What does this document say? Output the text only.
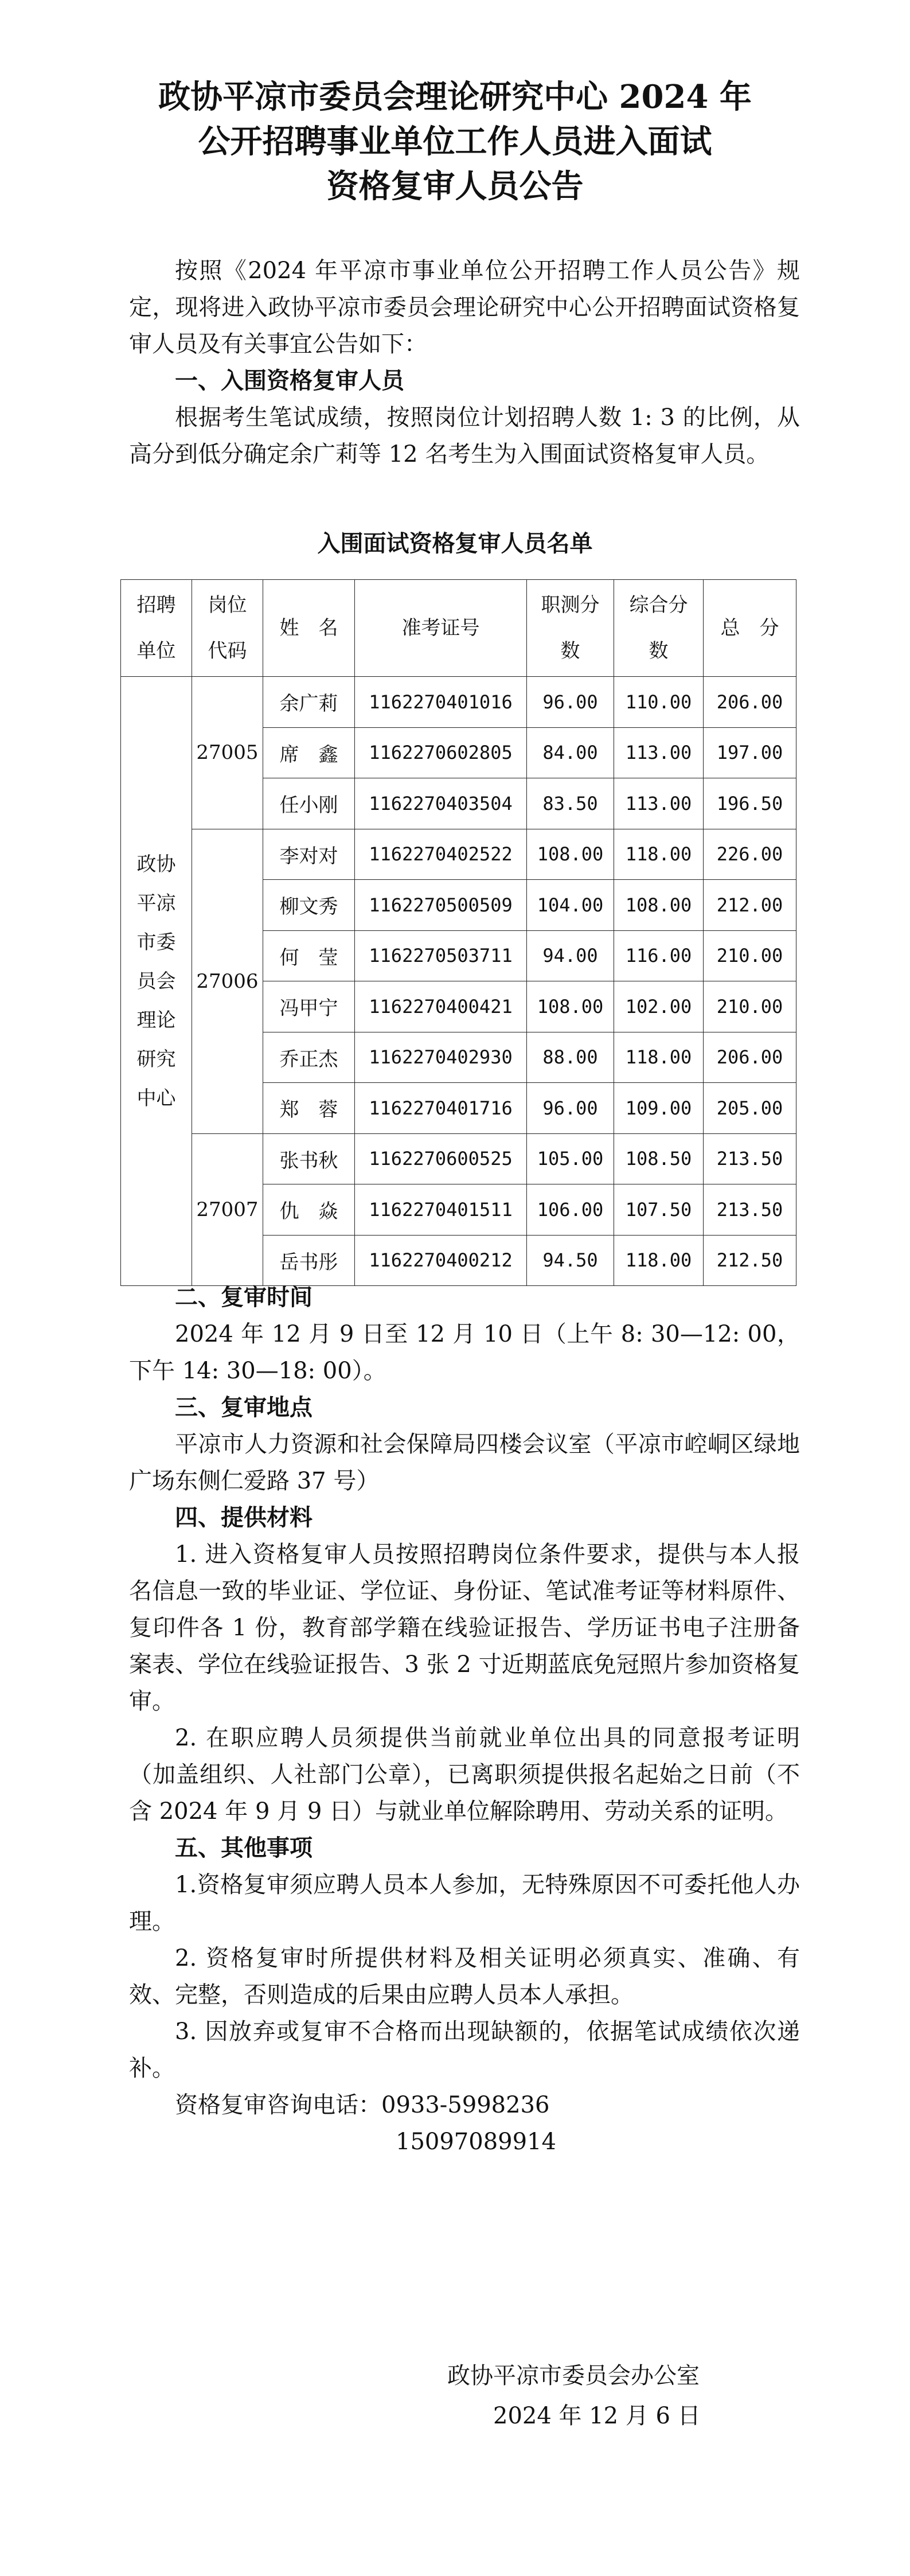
政协平凉市委员会理论研究中心 2024 年
公开招聘事业单位工作人员进入面试
资格复审人员公告
按照《2024 年平凉市事业单位公开招聘工作人员公告》规定，现将进入政协平凉市委员会理论研究中心公开招聘面试资格复审人员及有关事宜公告如下：
一、入围资格复审人员
根据考生笔试成绩，按照岗位计划招聘人数 1: 3 的比例，从高分到低分确定余广莉等 12 名考生为入围面试资格复审人员。
入围面试资格复审人员名单
招聘单位	岗位代码	姓　名	准考证号	职测分数	综合分数	总　分
政协平凉市委员会理论研究中心	27005	余广莉	1162270401016	96.00	110.00	206.00
		席　鑫	1162270602805	84.00	113.00	197.00
		任小刚	1162270403504	83.50	113.00	196.50
	27006	李对对	1162270402522	108.00	118.00	226.00
		柳文秀	1162270500509	104.00	108.00	212.00
		何　莹	1162270503711	94.00	116.00	210.00
		冯甲宁	1162270400421	108.00	102.00	210.00
		乔正杰	1162270402930	88.00	118.00	206.00
		郑　蓉	1162270401716	96.00	109.00	205.00
	27007	张书秋	1162270600525	105.00	108.50	213.50
		仇　焱	1162270401511	106.00	107.50	213.50
		岳书彤	1162270400212	94.50	118.00	212.50
二、复审时间
2024 年 12 月 9 日至 12 月 10 日（上午 8: 30—12: 00，下午 14: 30—18: 00）。
三、复审地点
平凉市人力资源和社会保障局四楼会议室（平凉市崆峒区绿地广场东侧仁爱路 37 号）
四、提供材料
1. 进入资格复审人员按照招聘岗位条件要求，提供与本人报名信息一致的毕业证、学位证、身份证、笔试准考证等材料原件、复印件各 1 份，教育部学籍在线验证报告、学历证书电子注册备案表、学位在线验证报告、3 张 2 寸近期蓝底免冠照片参加资格复审。
2. 在职应聘人员须提供当前就业单位出具的同意报考证明（加盖组织、人社部门公章），已离职须提供报名起始之日前（不含 2024 年 9 月 9 日）与就业单位解除聘用、劳动关系的证明。
五、其他事项
1.资格复审须应聘人员本人参加，无特殊原因不可委托他人办理。
2. 资格复审时所提供材料及相关证明必须真实、准确、有效、完整，否则造成的后果由应聘人员本人承担。
3. 因放弃或复审不合格而出现缺额的，依据笔试成绩依次递补。
资格复审咨询电话：0933-5998236
15097089914
政协平凉市委员会办公室
2024 年 12 月 6 日
